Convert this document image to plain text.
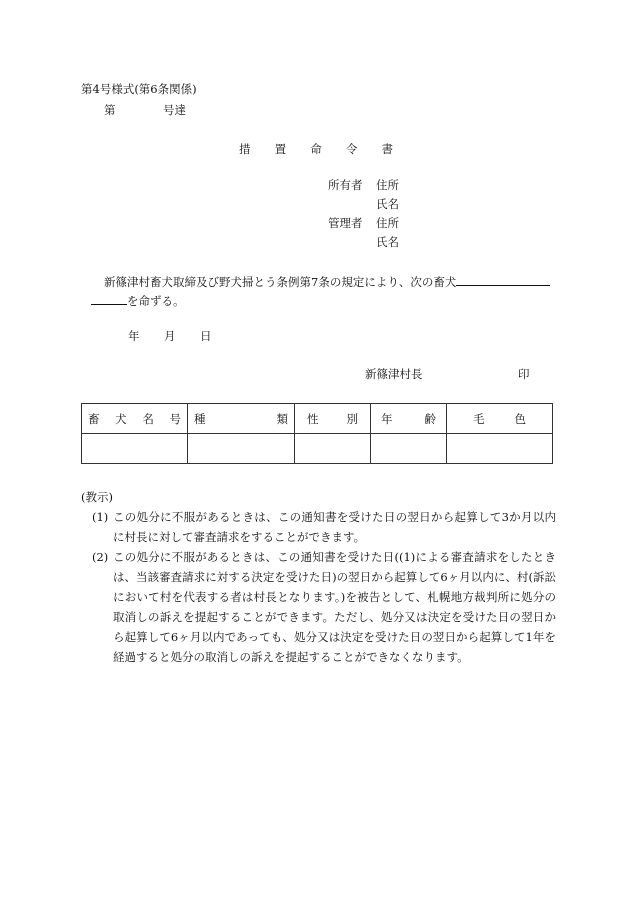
第4号様式(第6条関係)
第	号達
措 置 命 令 書
所有者 住所
氏名
管理者 住所
氏名
新篠津村畜犬取締及び野犬掃とう条例第7条の規定により、次の畜犬
を命ずる。
年 月 日
新篠津村長	印
畜 犬 名 号	種 類	性 別	年 齢	毛 色

(教示)
(1) この処分に不服があるときは、この通知書を受けた日の翌日から起算して3か月以内に村長に対して審査請求をすることができます。
(2) この処分に不服があるときは、この通知書を受けた日((1)による審査請求をしたときは、当該審査請求に対する決定を受けた日)の翌日から起算して6ヶ月以内に、村(訴訟において村を代表する者は村長となります。)を被告として、札幌地方裁判所に処分の取消しの訴えを提起することができます。ただし、処分又は決定を受けた日の翌日から起算して6ヶ月以内であっても、処分又は決定を受けた日の翌日から起算して1年を経過すると処分の取消しの訴えを提起することができなくなります。
